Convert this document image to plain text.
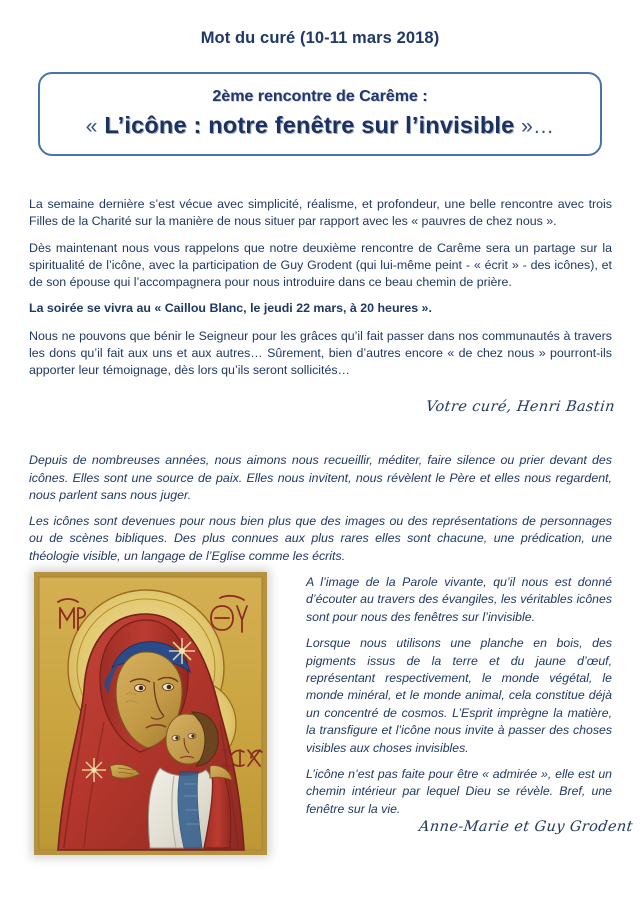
Mot du curé (10-11 mars 2018)
2ème rencontre de Carême :
« L’icône : notre fenêtre sur l’invisible »…

La semaine dernière s’est vécue avec simplicité, réalisme, et profondeur, une belle rencontre avec trois Filles de la Charité sur la manière de nous situer par rapport avec les « pauvres de chez nous ».

Dès maintenant nous vous rappelons que notre deuxième rencontre de Carême sera un partage sur la spiritualité de l’icône, avec la participation de Guy Grodent (qui lui-même peint - « écrit » - des icônes), et de son épouse qui l’accompagnera pour nous introduire dans ce beau chemin de prière.

La soirée se vivra au « Caillou Blanc, le jeudi 22 mars, à 20 heures ».

Nous ne pouvons que bénir le Seigneur pour les grâces qu’il fait passer dans nos communautés à travers les dons qu’il fait aux uns et aux autres… Sûrement, bien d’autres encore « de chez nous » pourront-ils apporter leur témoignage, dès lors qu’ils seront sollicités…

Votre curé, Henri Bastin

Depuis de nombreuses années, nous aimons nous recueillir, méditer, faire silence ou prier devant des icônes. Elles sont une source de paix. Elles nous invitent, nous révèlent le Père et elles nous regardent, nous parlent sans nous juger.

Les icônes sont devenues pour nous bien plus que des images ou des représentations de personnages ou de scènes bibliques. Des plus connues aux plus rares elles sont chacune, une prédication, une théologie visible, un langage de l’Eglise comme les écrits.

A l’image de la Parole vivante, qu’il nous est donné d’écouter au travers des évangiles, les véritables icônes sont pour nous des fenêtres sur l’invisible.

Lorsque nous utilisons une planche en bois, des pigments issus de la terre et du jaune d’œuf, représentant respectivement, le monde végétal, le monde minéral, et le monde animal, cela constitue déjà un concentré de cosmos. L’Esprit imprègne la matière, la transfigure et l’icône nous invite à passer des choses visibles aux choses invisibles.

L’icône n’est pas faite pour être « admirée », elle est un chemin intérieur par lequel Dieu se révèle. Bref, une fenêtre sur la vie.

Anne-Marie et Guy Grodent
